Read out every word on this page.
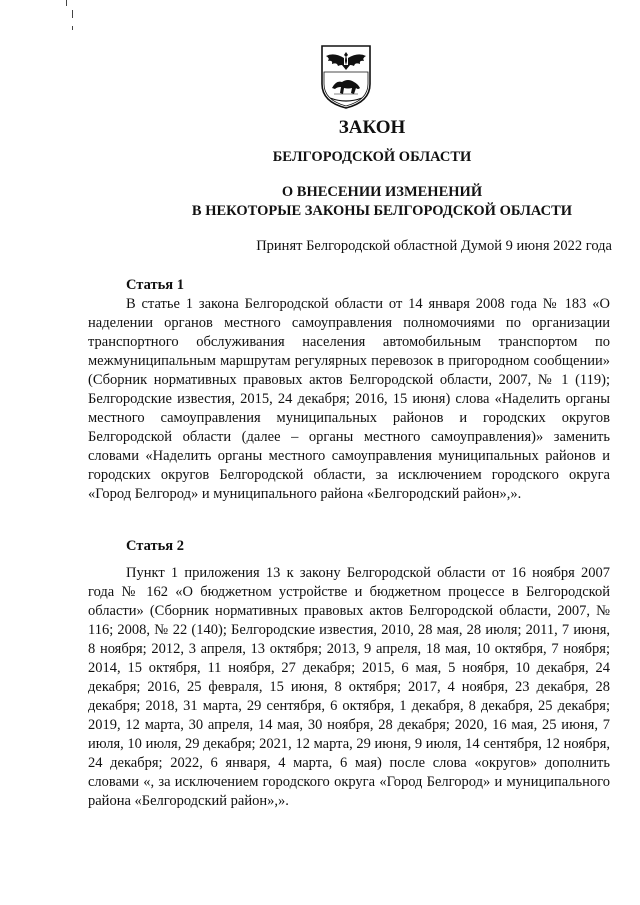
ЗАКОН
БЕЛГОРОДСКОЙ ОБЛАСТИ
О ВНЕСЕНИИ ИЗМЕНЕНИЙ
В НЕКОТОРЫЕ ЗАКОНЫ БЕЛГОРОДСКОЙ ОБЛАСТИ

Принят Белгородской областной Думой 9 июня 2022 года

Статья 1

В статье 1 закона Белгородской области от 14 января 2008 года № 183 «О наделении органов местного самоуправления полномочиями по организации транспортного обслуживания населения автомобильным транспортом по межмуниципальным маршрутам регулярных перевозок в пригородном сообщении» (Сборник нормативных правовых актов Белгородской области, 2007, № 1 (119); Белгородские известия, 2015, 24 декабря; 2016, 15 июня) слова «Наделить органы местного самоуправления муниципальных районов и городских округов Белгородской области (далее – органы местного самоуправления)» заменить словами «Наделить органы местного самоуправления муниципальных районов и городских округов Белгородской области, за исключением городского округа «Город Белгород» и муниципального района «Белгородский район»,».

Статья 2

Пункт 1 приложения 13 к закону Белгородской области от 16 ноября 2007 года № 162 «О бюджетном устройстве и бюджетном процессе в Белгородской области» (Сборник нормативных правовых актов Белгородской области, 2007, № 116; 2008, № 22 (140); Белгородские известия, 2010, 28 мая, 28 июля; 2011, 7 июня, 8 ноября; 2012, 3 апреля, 13 октября; 2013, 9 апреля, 18 мая, 10 октября, 7 ноября; 2014, 15 октября, 11 ноября, 27 декабря; 2015, 6 мая, 5 ноября, 10 декабря, 24 декабря; 2016, 25 февраля, 15 июня, 8 октября; 2017, 4 ноября, 23 декабря, 28 декабря; 2018, 31 марта, 29 сентября, 6 октября, 1 декабря, 8 декабря, 25 декабря; 2019, 12 марта, 30 апреля, 14 мая, 30 ноября, 28 декабря; 2020, 16 мая, 25 июня, 7 июля, 10 июля, 29 декабря; 2021, 12 марта, 29 июня, 9 июля, 14 сентября, 12 ноября, 24 декабря; 2022, 6 января, 4 марта, 6 мая) после слова «округов» дополнить словами «, за исключением городского округа «Город Белгород» и муниципального района «Белгородский район»,».
